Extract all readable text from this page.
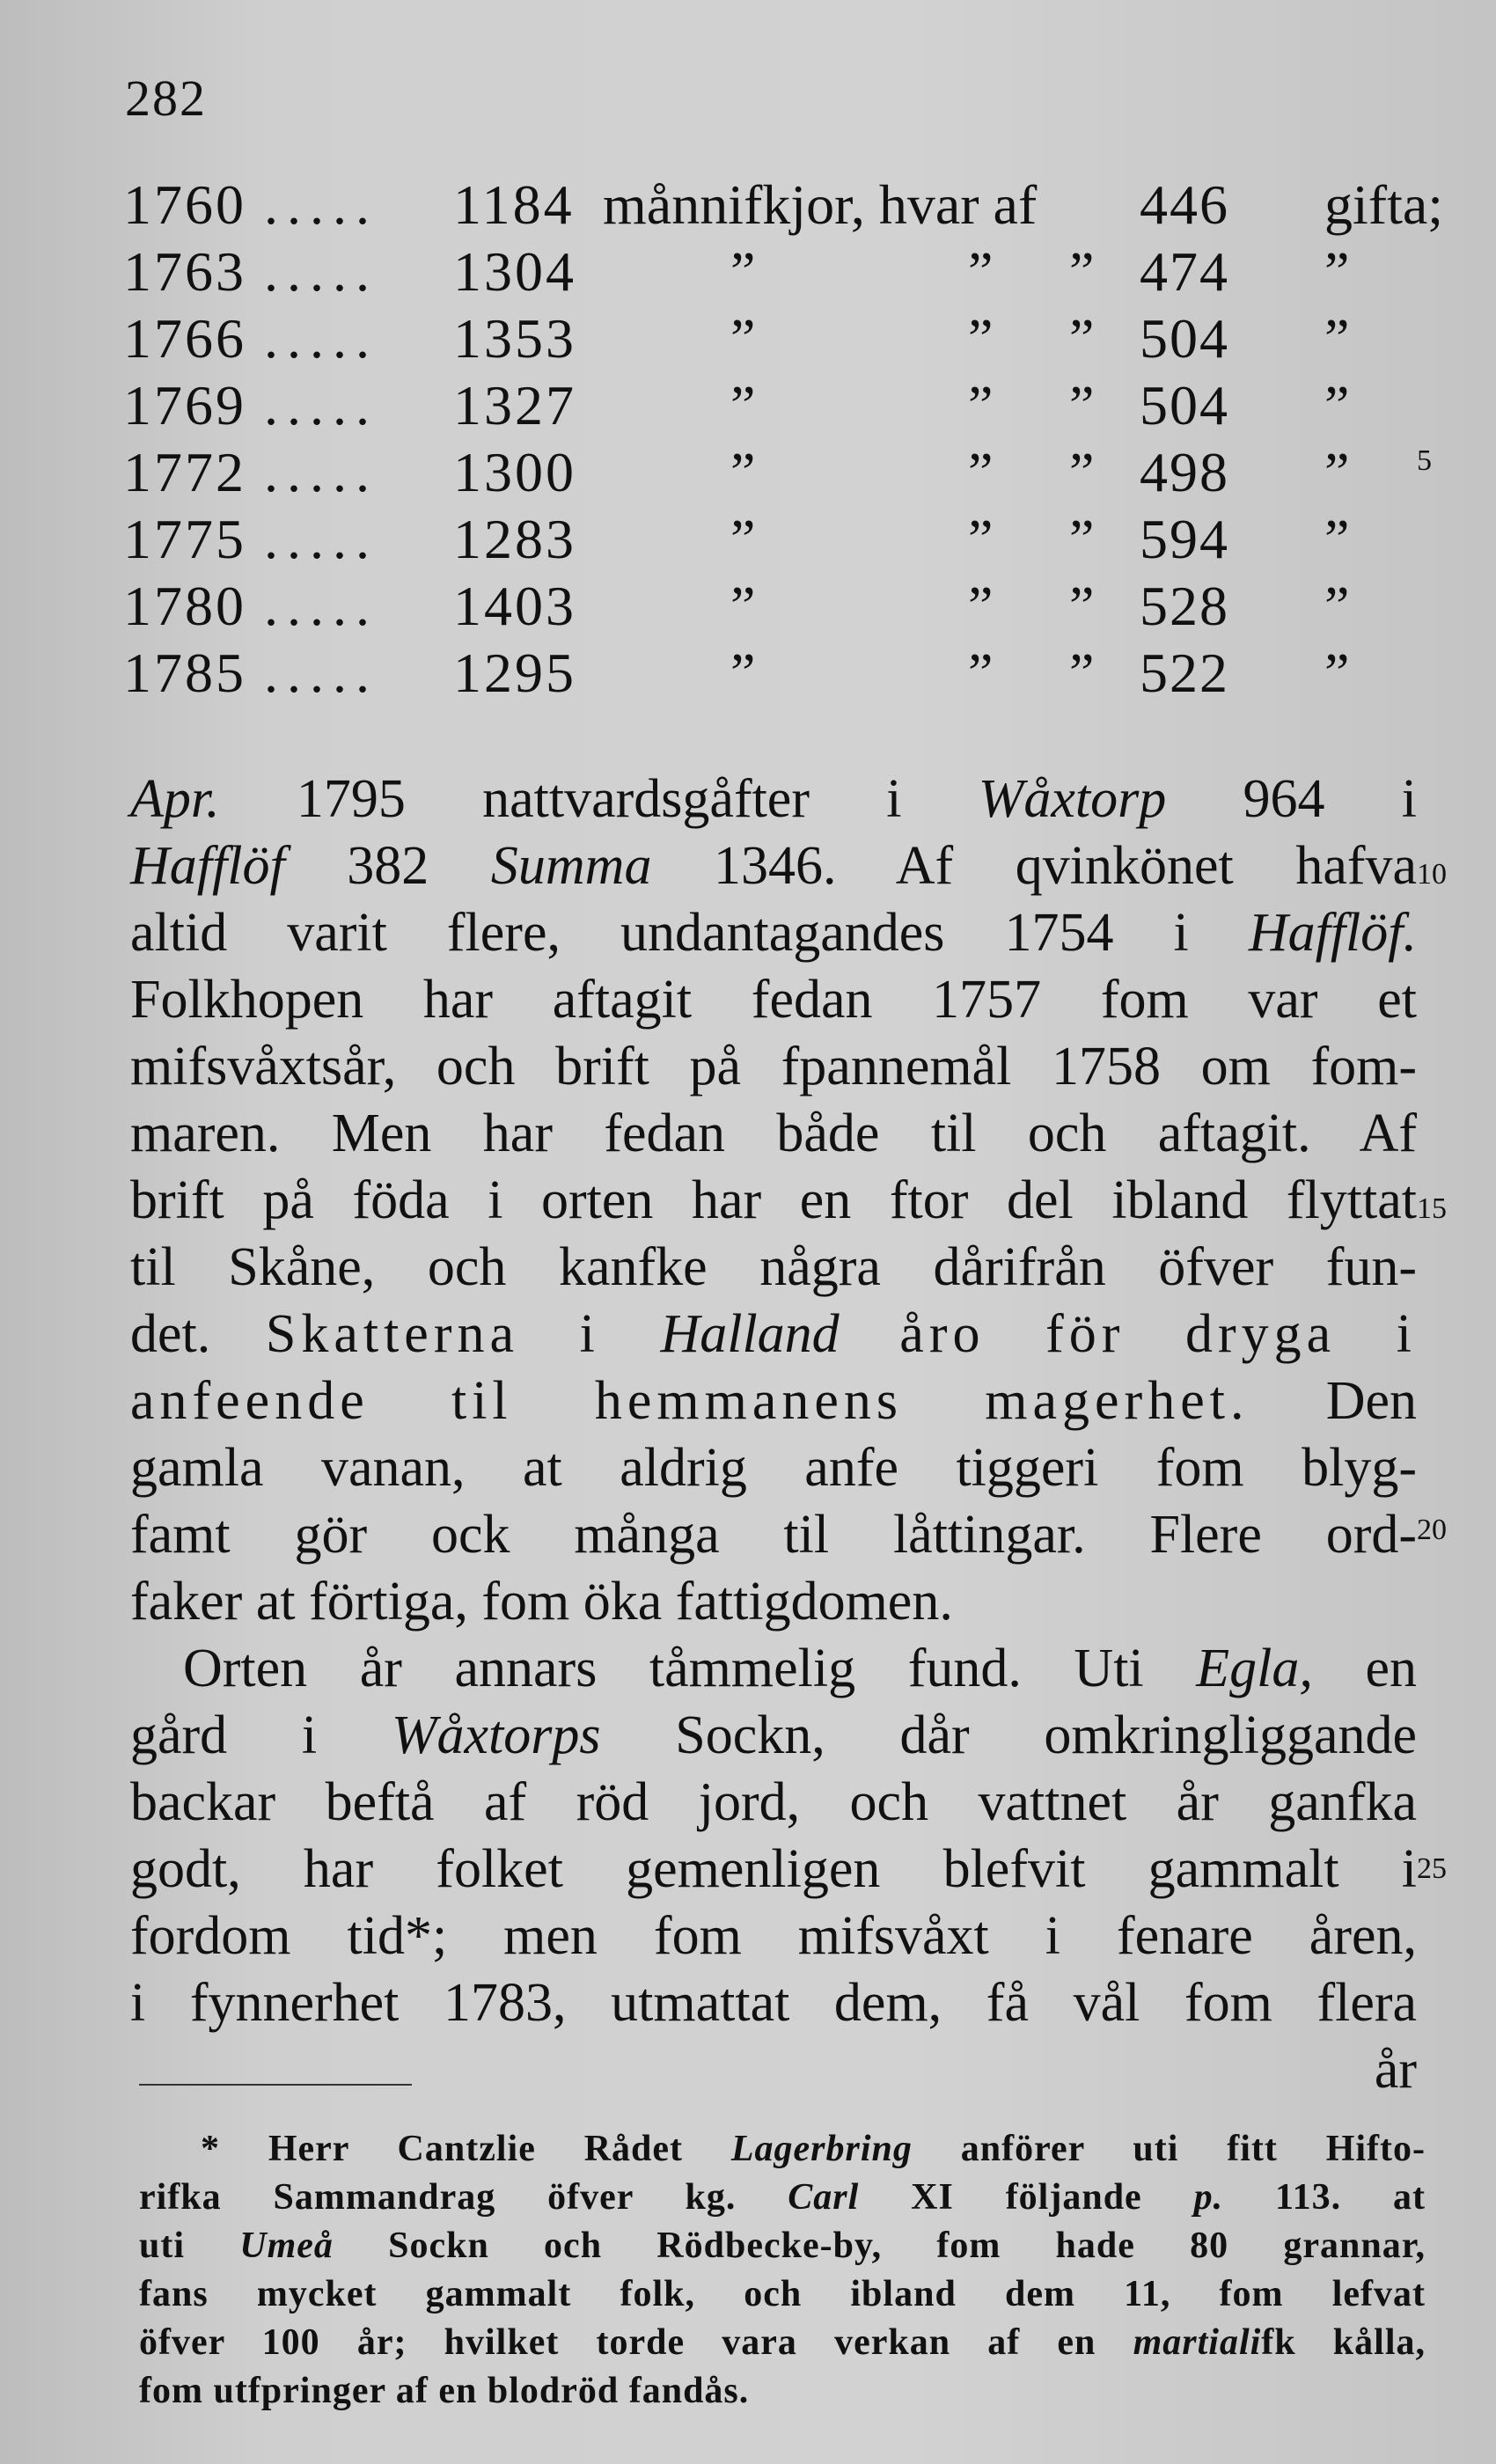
282
1760 ..... 1184 månnifkjor, hvar af 446 gifta;
1763 ..... 1304	”	” ” 474 ”
1766 ..... 1353	”	” ” 504 ”
1769 ..... 1327	”	” ” 504 ”
1772 ..... 1300	”	” ” 498 ”
1775 ..... 1283	”	” ” 594 ”
1780 ..... 1403	”	” ” 528 ”
1785 ..... 1295	”	” ” 522 ”
5
10
15
20
25
Apr. 1795 nattvardsgåfter i Wåxtorp 964 i
Hafflöf 382 Summa 1346. Af qvinkönet hafva
altid varit flere, undantagandes 1754 i Hafflöf.
Folkhopen har aftagit fedan 1757 fom var et
mifsvåxtsår, och brift på fpannemål 1758 om fom-
maren. Men har fedan både til och aftagit. Af
brift på föda i orten har en ftor del ibland flyttat
til Skåne, och kanfke några dårifrån öfver fun-
det. Skatterna i Halland åro för dryga i
anfeende til hemmanens magerhet. Den
gamla vanan, at aldrig anfe tiggeri fom blyg-
famt gör ock många til låttingar. Flere ord-
faker at förtiga, fom öka fattigdomen.
Orten år annars tåmmelig fund. Uti Egla, en
gård i Wåxtorps Sockn, dår omkringliggande
backar beftå af röd jord, och vattnet år ganfka
godt, har folket gemenligen blefvit gammalt i
fordom tid*; men fom mifsvåxt i fenare åren,
i fynnerhet 1783, utmattat dem, få vål fom flera
år
* Herr Cantzlie Rådet Lagerbring anförer uti fitt Hifto-
rifka Sammandrag öfver kg. Carl XI följande p. 113. at
uti Umeå Sockn och Rödbecke-by, fom hade 80 grannar,
fans mycket gammalt folk, och ibland dem 11, fom lefvat
öfver 100 år; hvilket torde vara verkan af en martialifk kålla,
fom utfpringer af en blodröd fandås.
